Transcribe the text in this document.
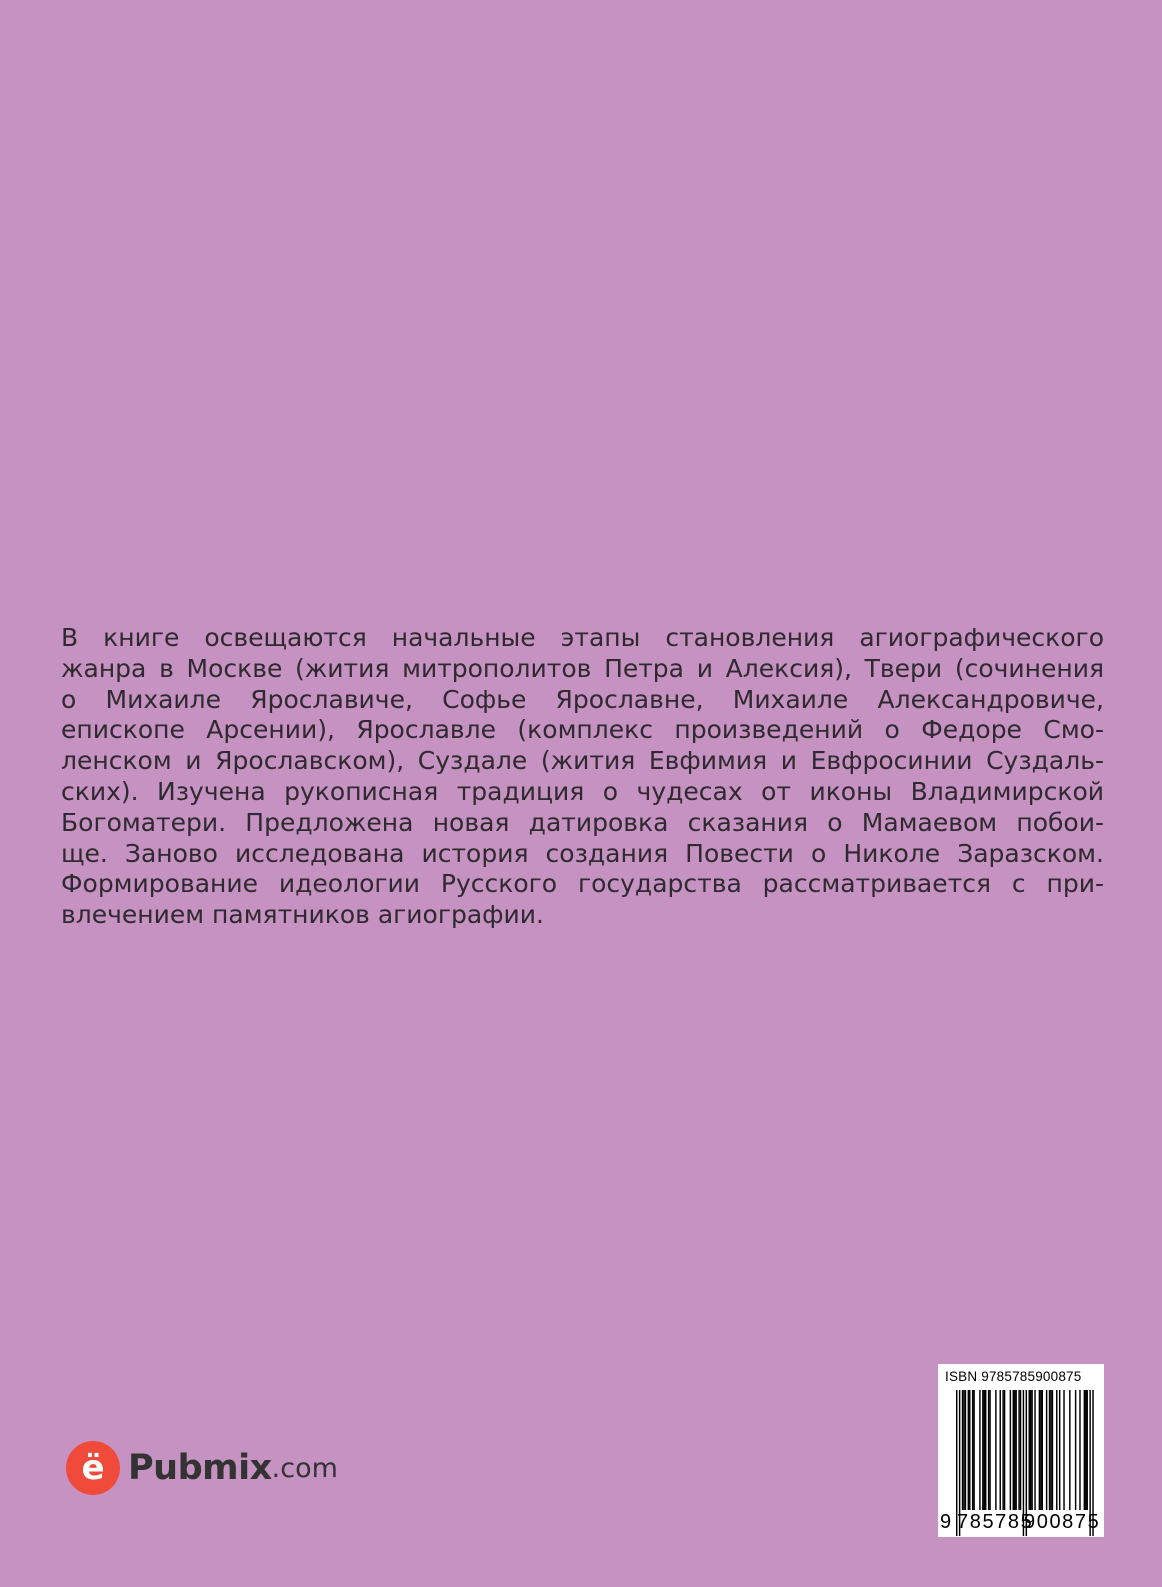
В книге освещаются начальные этапы становления агиографического
жанра в Москве (жития митрополитов Петра и Алексия), Твери (сочинения
о Михаиле Ярославиче, Софье Ярославне, Михаиле Александровиче,
епископе Арсении), Ярославле (комплекс произведений о Федоре Смо-
ленском и Ярославском), Суздале (жития Евфимия и Евфросинии Суздаль-
ских). Изучена рукописная традиция о чудесах от иконы Владимирской
Богоматери. Предложена новая датировка сказания о Мамаевом побои-
ще. Заново исследована история создания Повести о Николе Заразском.
Формирование идеологии Русского государства рассматривается с при-
влечением памятников агиографии.
ё Pubmix .com
ISBN 9785785900875
9 785785
900875
